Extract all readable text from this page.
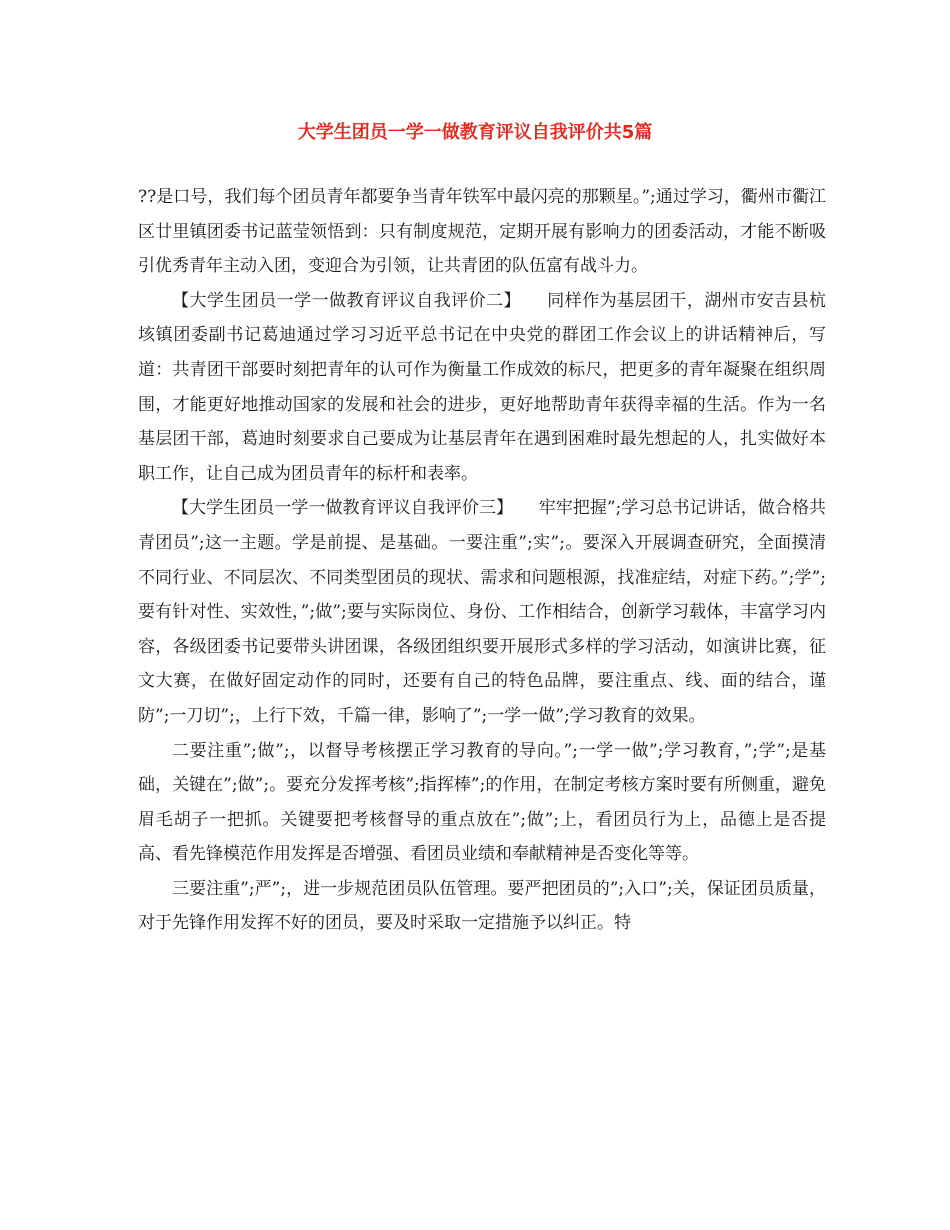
大学生团员一学一做教育评议自我评价共5篇

??是口号，我们每个团员青年都要争当青年铁军中最闪亮的那颗星。”;通过学习，衢州市衢江区廿里镇团委书记蓝莹领悟到：只有制度规范，定期开展有影响力的团委活动，才能不断吸引优秀青年主动入团，变迎合为引领，让共青团的队伍富有战斗力。

【大学生团员一学一做教育评议自我评价二】　　同样作为基层团干，湖州市安吉县杭垓镇团委副书记葛迪通过学习习近平总书记在中央党的群团工作会议上的讲话精神后，写道：共青团干部要时刻把青年的认可作为衡量工作成效的标尺，把更多的青年凝聚在组织周围，才能更好地推动国家的发展和社会的进步，更好地帮助青年获得幸福的生活。作为一名基层团干部，葛迪时刻要求自己要成为让基层青年在遇到困难时最先想起的人，扎实做好本职工作，让自己成为团员青年的标杆和表率。

【大学生团员一学一做教育评议自我评价三】　　牢牢把握”;学习总书记讲话，做合格共青团员”;这一主题。学是前提、是基础。一要注重”;实”;。要深入开展调查研究，全面摸清不同行业、不同层次、不同类型团员的现状、需求和问题根源，找准症结，对症下药。”;学”;要有针对性、实效性，”;做”;要与实际岗位、身份、工作相结合，创新学习载体，丰富学习内容，各级团委书记要带头讲团课，各级团组织要开展形式多样的学习活动，如演讲比赛，征文大赛，在做好固定动作的同时，还要有自己的特色品牌，要注重点、线、面的结合，谨防”;一刀切”;，上行下效，千篇一律，影响了”;一学一做”;学习教育的效果。

二要注重”;做”;，以督导考核摆正学习教育的导向。”;一学一做”;学习教育，”;学”;是基础，关键在”;做”;。要充分发挥考核”;指挥棒”;的作用，在制定考核方案时要有所侧重，避免眉毛胡子一把抓。关键要把考核督导的重点放在”;做”;上，看团员行为上，品德上是否提高、看先锋模范作用发挥是否增强、看团员业绩和奉献精神是否变化等等。

三要注重”;严”;，进一步规范团员队伍管理。要严把团员的”;入口”;关，保证团员质量，对于先锋作用发挥不好的团员，要及时采取一定措施予以纠正。特
